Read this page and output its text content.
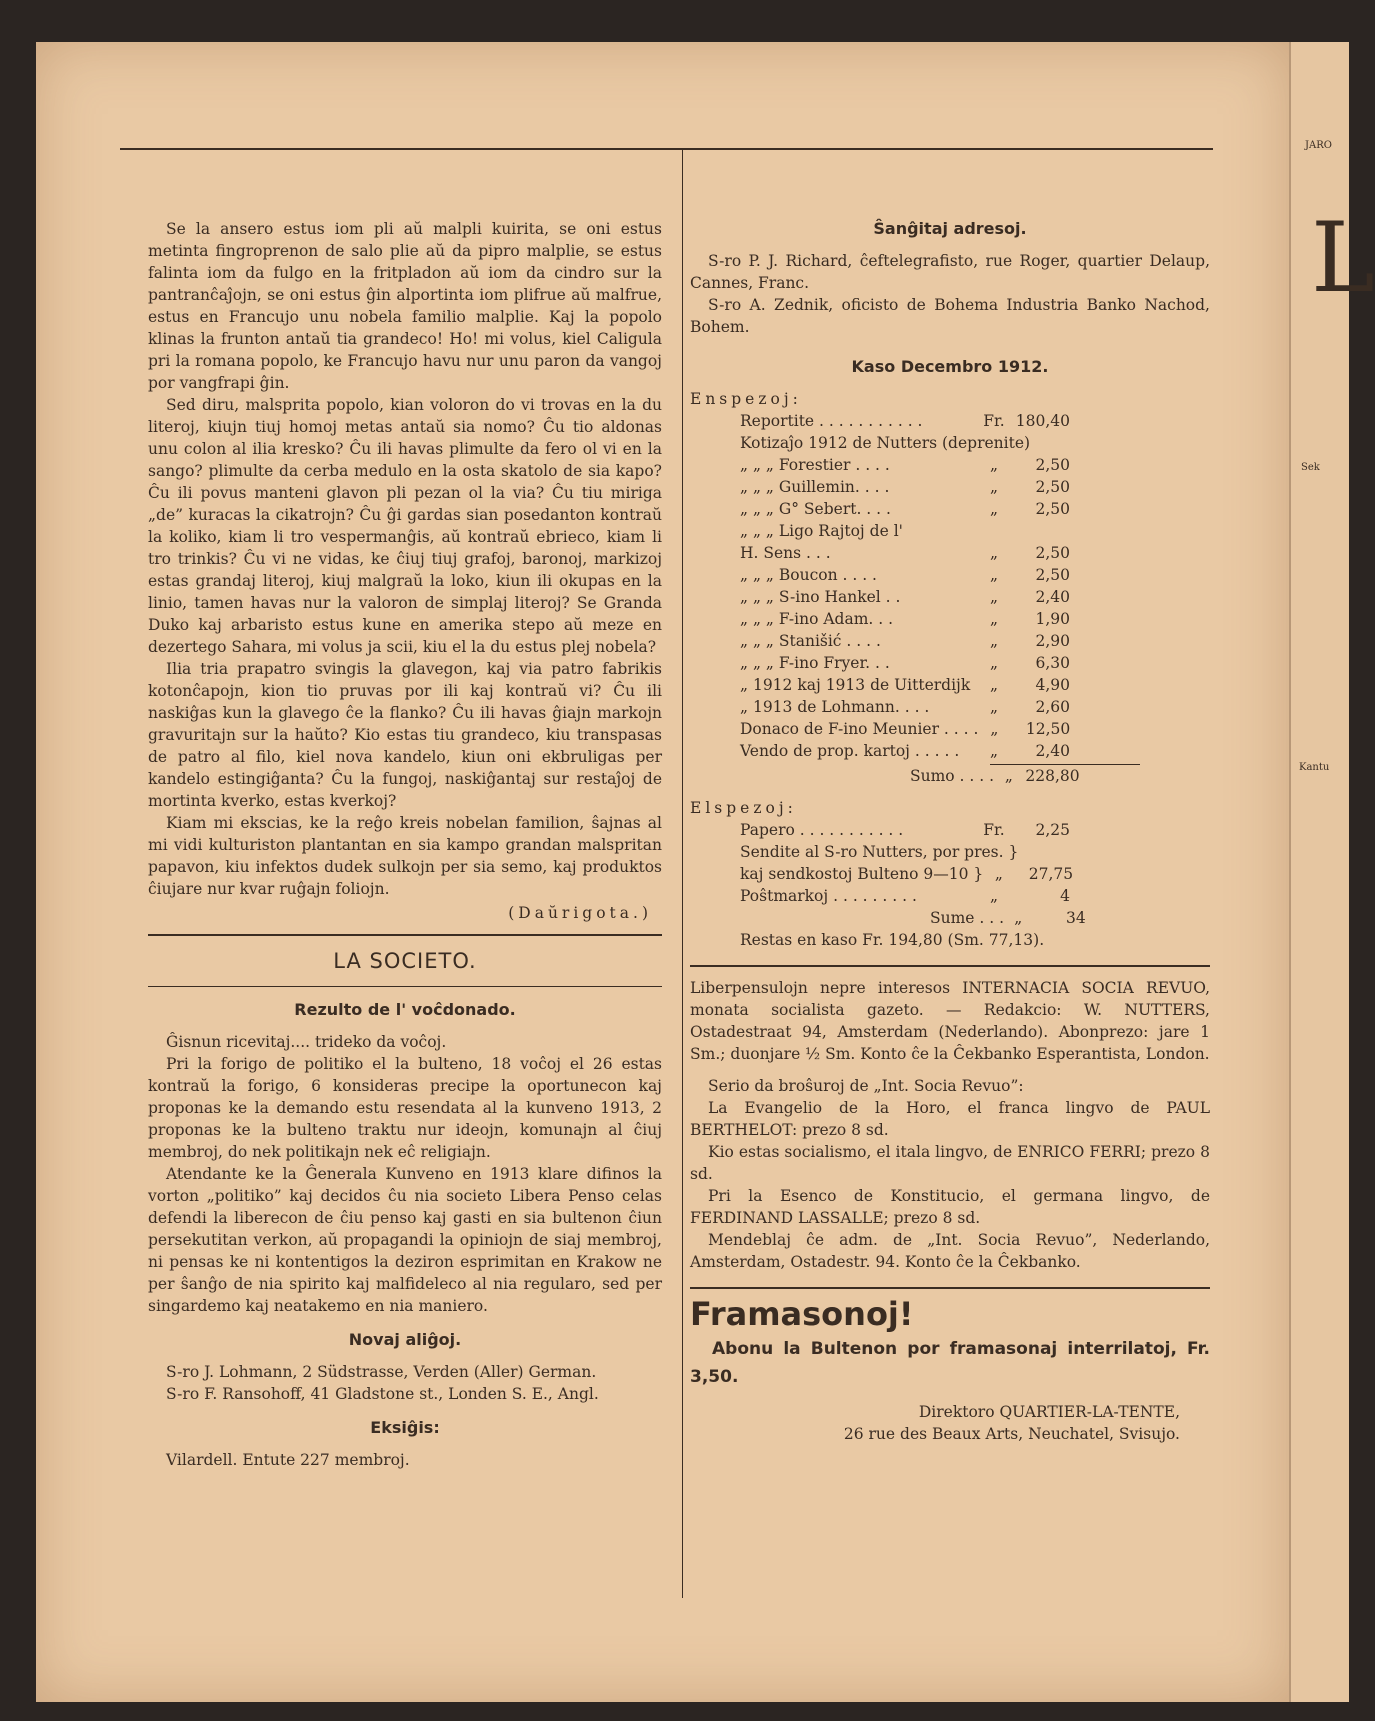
JARO
L
Sek
Kantu

Se la ansero estus iom pli aŭ malpli kuirita, se oni estus metinta fingroprenon de salo plie aŭ da pipro malplie, se estus falinta iom da fulgo en la fritpladon aŭ iom da cindro sur la pantranĉaĵojn, se oni estus ĝin alportinta iom plifrue aŭ malfrue, estus en Francujo unu nobela familio malplie. Kaj la popolo klinas la frunton antaŭ tia grandeco! Ho! mi volus, kiel Caligula pri la romana popolo, ke Francujo havu nur unu paron da vangoj por vangfrapi ĝin.

Sed diru, malsprita popolo, kian voloron do vi trovas en la du literoj, kiujn tiuj homoj metas antaŭ sia nomo? Ĉu tio aldonas unu colon al ilia kresko? Ĉu ili havas plimulte da fero ol vi en la sango? plimulte da cerba medulo en la osta skatolo de sia kapo? Ĉu ili povus manteni glavon pli pezan ol la via? Ĉu tiu miriga „de” kuracas la cikatrojn? Ĉu ĝi gardas sian posedanton kontraŭ la koliko, kiam li tro vespermanĝis, aŭ kontraŭ ebrieco, kiam li tro trinkis? Ĉu vi ne vidas, ke ĉiuj tiuj grafoj, baronoj, markizoj estas grandaj literoj, kiuj malgraŭ la loko, kiun ili okupas en la linio, tamen havas nur la valoron de simplaj literoj? Se Granda Duko kaj arbaristo estus kune en amerika stepo aŭ meze en dezertego Sahara, mi volus ja scii, kiu el la du estus plej nobela?

Ilia tria prapatro svingis la glavegon, kaj via patro fabrikis kotonĉapojn, kion tio pruvas por ili kaj kontraŭ vi? Ĉu ili naskiĝas kun la glavego ĉe la flanko? Ĉu ili havas ĝiajn markojn gravuritajn sur la haŭto? Kio estas tiu grandeco, kiu transpasas de patro al filo, kiel nova kandelo, kiun oni ekbruligas per kandelo estingiĝanta? Ĉu la fungoj, naskiĝantaj sur restaĵoj de mortinta kverko, estas kverkoj?

Kiam mi ekscias, ke la reĝo kreis nobelan familion, ŝajnas al mi vidi kulturiston plantantan en sia kampo grandan malspritan papavon, kiu infektos dudek sulkojn per sia semo, kaj produktos ĉiujare nur kvar ruĝajn foliojn.

(Daŭrigota.)

LA SOCIETO.
Rezulto de l' voĉdonado.

Ĝisnun ricevitaj.... trideko da voĉoj.

Pri la forigo de politiko el la bulteno, 18 voĉoj el 26 estas kontraŭ la forigo, 6 konsideras precipe la oportunecon kaj proponas ke la demando estu resendata al la kunveno 1913, 2 proponas ke la bulteno traktu nur ideojn, komunajn al ĉiuj membroj, do nek politikajn nek eĉ religiajn.

Atendante ke la Ĝenerala Kunveno en 1913 klare difinos la vorton „politiko” kaj decidos ĉu nia societo Libera Penso celas defendi la liberecon de ĉiu penso kaj gasti en sia bultenon ĉiun persekutitan verkon, aŭ propagandi la opiniojn de siaj membroj, ni pensas ke ni kontentigos la deziron esprimitan en Krakow ne per ŝanĝo de nia spirito kaj malfideleco al nia regularo, sed per singardemo kaj neatakemo en nia maniero.

Novaj aliĝoj.

S-ro J. Lohmann, 2 Südstrasse, Verden (Aller) German.

S-ro F. Ransohoff, 41 Gladstone st., Londen S. E., Angl.

Eksiĝis:

Vilardell. Entute 227 membroj.

Ŝanĝitaj adresoj.

S-ro P. J. Richard, ĉeftelegrafisto, rue Roger, quartier Delaup, Cannes, Franc.

S-ro A. Zednik, oficisto de Bohema Industria Banko Nachod, Bohem.

Kaso Decembro 1912.

Enspezoj:

Reportite . . . . . . . . . . .	Fr. 180,40
Kotizaĵo 1912 de Nutters (deprenite)
„ „ „ Forestier . . . .	„	2,50
„ „ „ Guillemin. . . .	„	2,50
„ „ „ G° Sebert. . . .	„	2,50
„ „ „ Ligo Rajtoj de l'
H. Sens . . .	„	2,50
„ „ „ Boucon . . . .	„	2,50
„ „ „ S-ino Hankel . .	„	2,40
„ „ „ F-ino Adam. . .	„	1,90
„ „ „ Stanišić . . . .	„	2,90
„ „ „ F-ino Fryer. . .	„	6,30
„ 1912 kaj 1913 de Uitterdijk	„	4,90
„ 1913 de Lohmann. . . .	„	2,60
Donaco de F-ino Meunier . . . . „	12,50
Vendo de prop. kartoj . . . . .	„	2,40
Sumo . . . . „ 228,80

Elspezoj:

Papero . . . . . . . . . . .	Fr.	2,25
Sendite al S-ro Nutters, por pres. }
kaj sendkostoj Bulteno 9—10 } „	27,75
Poŝtmarkoj . . . . . . . . .	„	4
Sume . . . „	34

Restas en kaso Fr. 194,80 (Sm. 77,13).

Liberpensulojn nepre interesos INTERNACIA SOCIA REVUO, monata socialista gazeto. — Redakcio: W. NUTTERS, Ostadestraat 94, Amsterdam (Nederlando). Abonprezo: jare 1 Sm.; duonjare ½ Sm. Konto ĉe la Ĉekbanko Esperantista, London.

Serio da broŝuroj de „Int. Socia Revuo”:

La Evangelio de la Horo, el franca lingvo de PAUL BERTHELOT: prezo 8 sd.

Kio estas socialismo, el itala lingvo, de ENRICO FERRI; prezo 8 sd.

Pri la Esenco de Konstitucio, el germana lingvo, de FERDINAND LASSALLE; prezo 8 sd.

Mendeblaj ĉe adm. de „Int. Socia Revuo”, Nederlando, Amsterdam, Ostadestr. 94. Konto ĉe la Ĉekbanko.

Framasonoj!

Abonu la Bultenon por framasonaj interrilatoj, Fr. 3,50.

Direktoro QUARTIER-LA-TENTE,

26 rue des Beaux Arts, Neuchatel, Svisujo.
